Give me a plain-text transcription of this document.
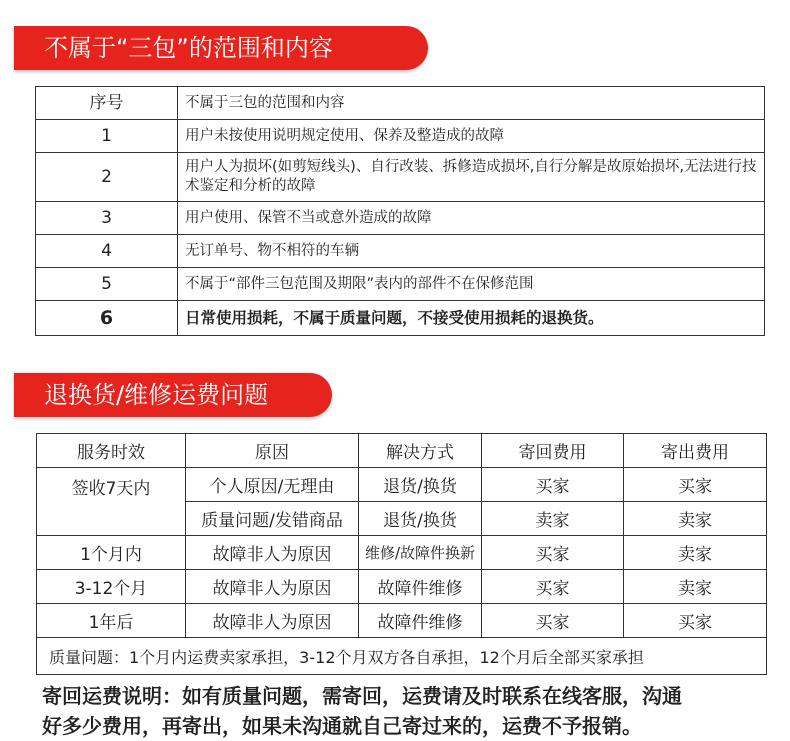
不属于“三包”的范围和内容
序号	不属于三包的范围和内容
1	用户未按使用说明规定使用、保养及整造成的故障
2	用户人为损坏(如剪短线头)、自行改装、拆修造成损坏,自行分解是故原始损坏,无法进行技术鉴定和分析的故障
3	用户使用、保管不当或意外造成的故障
4	无订单号、物不相符的车辆
5	不属于“部件三包范围及期限”表内的部件不在保修范围
6	日常使用损耗，不属于质量问题，不接受使用损耗的退换货。
退换货/维修运费问题
服务时效	原因	解决方式	寄回费用	寄出费用
签收7天内	个人原因/无理由	退货/换货	买家	买家
	质量问题/发错商品	退货/换货	卖家	卖家
1个月内	故障非人为原因	维修/故障件换新	买家	卖家
3-12个月	故障非人为原因	故障件维修	买家	卖家
1年后	故障非人为原因	故障件维修	买家	买家
质量问题：1个月内运费卖家承担，3-12个月双方各自承担，12个月后全部买家承担				
寄回运费说明：如有质量问题，需寄回，运费请及时联系在线客服，沟通
好多少费用，再寄出，如果未沟通就自己寄过来的，运费不予报销。
